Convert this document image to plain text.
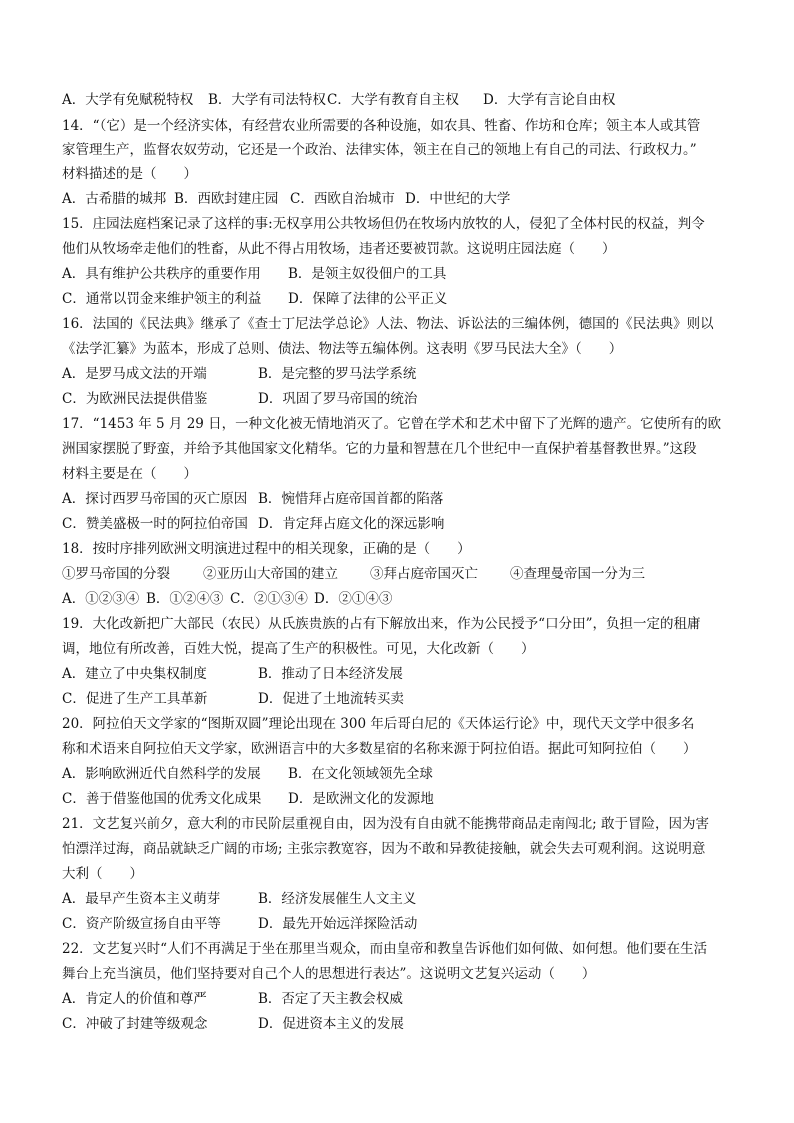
A．大学有免赋税特权	B．大学有司法特权 C．大学有教育自主权	D．大学有言论自由权
14．“（它）是一个经济实体，有经营农业所需要的各种设施，如农具、牲畜、作坊和仓库；领主本人或其管
家管理生产，监督农奴劳动，它还是一个政治、法律实体，领主在自己的领地上有自己的司法、行政权力。”
材料描述的是（　　）
A．古希腊的城邦 B．西欧封建庄园 C．西欧自治城市 D．中世纪的大学
15．庄园法庭档案记录了这样的事:无权享用公共牧场但仍在牧场内放牧的人，侵犯了全体村民的权益，判令
他们从牧场牵走他们的牲畜，从此不得占用牧场，违者还要被罚款。这说明庄园法庭（　　）
A．具有维护公共秩序的重要作用	B．是领主奴役佃户的工具
C．通常以罚金来维护领主的利益	D．保障了法律的公平正义
16．法国的《民法典》继承了《查士丁尼法学总论》人法、物法、诉讼法的三编体例，德国的《民法典》则以
《法学汇纂》为蓝本，形成了总则、债法、物法等五编体例。这表明《罗马民法大全》（　　）
A．是罗马成文法的开端	B．是完整的罗马法学系统
C．为欧洲民法提供借鉴	D．巩固了罗马帝国的统治
17．“1453 年 5 月 29 日，一种文化被无情地消灭了。它曾在学术和艺术中留下了光辉的遗产。它使所有的欧
洲国家摆脱了野蛮，并给予其他国家文化精华。它的力量和智慧在几个世纪中一直保护着基督教世界。”这段
材料主要是在（　　）
A．探讨西罗马帝国的灭亡原因 B．惋惜拜占庭帝国首都的陷落
C．赞美盛极一时的阿拉伯帝国 D．肯定拜占庭文化的深远影响
18．按时序排列欧洲文明演进过程中的相关现象，正确的是（　　）
①罗马帝国的分裂	②亚历山大帝国的建立	③拜占庭帝国灭亡	④查理曼帝国一分为三
A．①②③④ B．①②④③ C．②①③④ D．②①④③
19．大化改新把广大部民（农民）从氏族贵族的占有下解放出来，作为公民授予“口分田”，负担一定的租庸
调，地位有所改善，百姓大悦，提高了生产的积极性。可见，大化改新（　　）
A．建立了中央集权制度	B．推动了日本经济发展
C．促进了生产工具革新	D．促进了土地流转买卖
20．阿拉伯天文学家的“图斯双圆”理论出现在 300 年后哥白尼的《天体运行论》中，现代天文学中很多名
称和术语来自阿拉伯天文学家，欧洲语言中的大多数星宿的名称来源于阿拉伯语。据此可知阿拉伯（　　）
A．影响欧洲近代自然科学的发展	B．在文化领域领先全球
C．善于借鉴他国的优秀文化成果	D．是欧洲文化的发源地
21．文艺复兴前夕，意大利的市民阶层重视自由，因为没有自由就不能携带商品走南闯北; 敢于冒险，因为害
怕漂洋过海，商品就缺乏广阔的市场; 主张宗教宽容，因为不敢和异教徒接触，就会失去可观利润。这说明意
大利（　　）
A．最早产生资本主义萌芽	B．经济发展催生人文主义
C．资产阶级宣扬自由平等	D．最先开始远洋探险活动
22．文艺复兴时“人们不再满足于坐在那里当观众，而由皇帝和教皇告诉他们如何做、如何想。他们要在生活
舞台上充当演员，他们坚持要对自己个人的思想进行表达”。这说明文艺复兴运动（　　）
A．肯定人的价值和尊严	B．否定了天主教会权威
C．冲破了封建等级观念	D．促进资本主义的发展
